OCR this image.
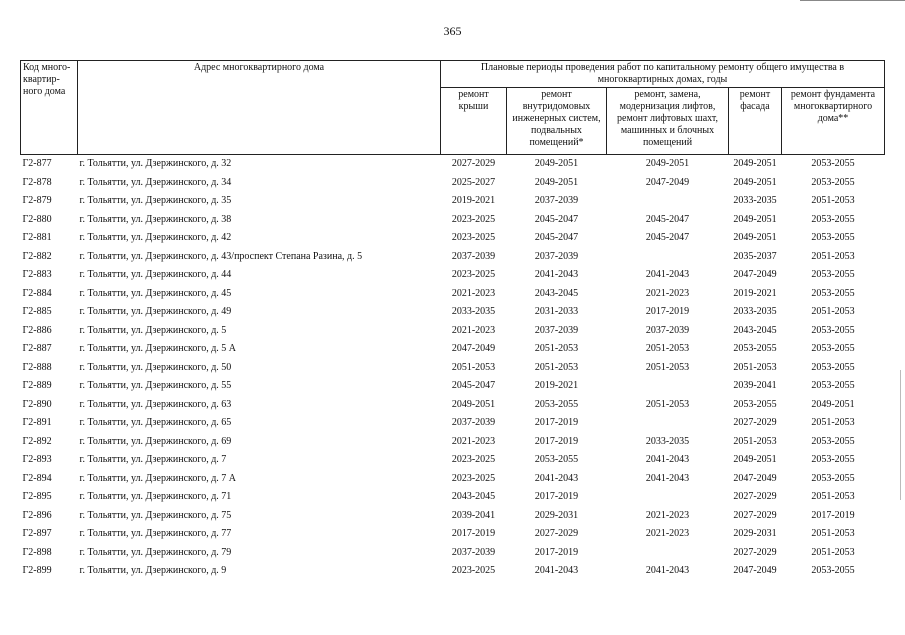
365
Код много-квартир-ного дома	Адрес многоквартирного дома	Плановые периоды проведения работ по капитальному ремонту общего имущества в многоквартирных домах, годы				
		ремонт крыши	ремонт внутридомовых инженерных систем, подвальных помещений*	ремонт, замена, модернизация лифтов, ремонт лифтовых шахт, машинных и блочных помещений	ремонт фасада	ремонт фундамента многоквартирного дома**
Г2-877	г. Тольятти, ул. Дзержинского, д. 32	2027-2029	2049-2051	2049-2051	2049-2051	2053-2055
Г2-878	г. Тольятти, ул. Дзержинского, д. 34	2025-2027	2049-2051	2047-2049	2049-2051	2053-2055
Г2-879	г. Тольятти, ул. Дзержинского, д. 35	2019-2021	2037-2039		2033-2035	2051-2053
Г2-880	г. Тольятти, ул. Дзержинского, д. 38	2023-2025	2045-2047	2045-2047	2049-2051	2053-2055
Г2-881	г. Тольятти, ул. Дзержинского, д. 42	2023-2025	2045-2047	2045-2047	2049-2051	2053-2055
Г2-882	г. Тольятти, ул. Дзержинского, д. 43/проспект Степана Разина, д. 5	2037-2039	2037-2039		2035-2037	2051-2053
Г2-883	г. Тольятти, ул. Дзержинского, д. 44	2023-2025	2041-2043	2041-2043	2047-2049	2053-2055
Г2-884	г. Тольятти, ул. Дзержинского, д. 45	2021-2023	2043-2045	2021-2023	2019-2021	2053-2055
Г2-885	г. Тольятти, ул. Дзержинского, д. 49	2033-2035	2031-2033	2017-2019	2033-2035	2051-2053
Г2-886	г. Тольятти, ул. Дзержинского, д. 5	2021-2023	2037-2039	2037-2039	2043-2045	2053-2055
Г2-887	г. Тольятти, ул. Дзержинского, д. 5 А	2047-2049	2051-2053	2051-2053	2053-2055	2053-2055
Г2-888	г. Тольятти, ул. Дзержинского, д. 50	2051-2053	2051-2053	2051-2053	2051-2053	2053-2055
Г2-889	г. Тольятти, ул. Дзержинского, д. 55	2045-2047	2019-2021		2039-2041	2053-2055
Г2-890	г. Тольятти, ул. Дзержинского, д. 63	2049-2051	2053-2055	2051-2053	2053-2055	2049-2051
Г2-891	г. Тольятти, ул. Дзержинского, д. 65	2037-2039	2017-2019		2027-2029	2051-2053
Г2-892	г. Тольятти, ул. Дзержинского, д. 69	2021-2023	2017-2019	2033-2035	2051-2053	2053-2055
Г2-893	г. Тольятти, ул. Дзержинского, д. 7	2023-2025	2053-2055	2041-2043	2049-2051	2053-2055
Г2-894	г. Тольятти, ул. Дзержинского, д. 7 А	2023-2025	2041-2043	2041-2043	2047-2049	2053-2055
Г2-895	г. Тольятти, ул. Дзержинского, д. 71	2043-2045	2017-2019		2027-2029	2051-2053
Г2-896	г. Тольятти, ул. Дзержинского, д. 75	2039-2041	2029-2031	2021-2023	2027-2029	2017-2019
Г2-897	г. Тольятти, ул. Дзержинского, д. 77	2017-2019	2027-2029	2021-2023	2029-2031	2051-2053
Г2-898	г. Тольятти, ул. Дзержинского, д. 79	2037-2039	2017-2019		2027-2029	2051-2053
Г2-899	г. Тольятти, ул. Дзержинского, д. 9	2023-2025	2041-2043	2041-2043	2047-2049	2053-2055
